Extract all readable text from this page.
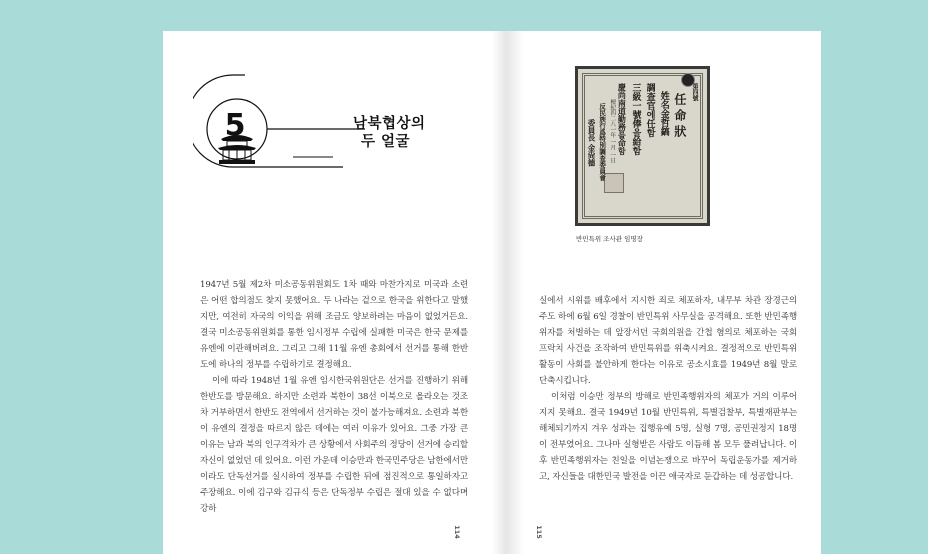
5	남북협상의
두 얼굴

1947년 5월 제2차 미소공동위원회도 1차 때와 마찬가지로 미국과 소련은 어떤 합의점도 찾지 못했어요. 두 나라는 겉으로 한국을 위한다고 말했지만, 여전히 자국의 이익을 위해 조금도 양보하려는 마음이 없었거든요. 결국 미소공동위원회를 통한 임시정부 수립에 실패한 미국은 한국 문제를 유엔에 이관해버려요. 그리고 그해 11월 유엔 총회에서 선거를 통해 한반도에 하나의 정부를 수립하기로 결정해요.

이에 따라 1948년 1월 유엔 임시한국위원단은 선거를 진행하기 위해 한반도를 방문해요. 하지만 소련과 북한이 38선 이북으로 올라오는 것조차 거부하면서 한반도 전역에서 선거하는 것이 불가능해져요. 소련과 북한이 유엔의 결정을 따르지 않은 데에는 여러 이유가 있어요. 그중 가장 큰 이유는 남과 북의 인구격차가 큰 상황에서 사회주의 정당이 선거에 승리할 자신이 없었던 데 있어요. 이런 가운데 이승만과 한국민주당은 남한에서만이라도 단독선거를 실시하여 정부를 수립한 뒤에 점진적으로 통일하자고 주장해요. 이에 김구와 김규식 등은 단독정부 수립은 절대 있을 수 없다며 강하

114

실에서 시위를 배후에서 지시한 죄로 체포하자, 내무부 차관 장경근의 주도 하에 6월 6일 경찰이 반민특위 사무실을 공격해요. 또한 반민족행위자를 처벌하는 데 앞장서던 국회의원을 간첩 혐의로 체포하는 국회 프락치 사건을 조작하여 반민특위를 위축시켜요. 결정적으로 반민특위 활동이 사회를 불안하게 한다는 이유로 공소시효를 1949년 8월 말로 단축시킵니다.

이처럼 이승만 정부의 방해로 반민족행위자의 체포가 거의 이루어지지 못해요. 결국 1949년 10월 반민특위, 특별검찰부, 특별재판부는 해체되기까지 겨우 성과는 집행유예 5명, 실형 7명, 공민권정지 18명이 전부였어요. 그나마 실형받은 사람도 이듬해 봄 모두 풀려납니다. 이후 반민족행위자는 친일을 이념논쟁으로 바꾸어 독립운동가를 제거하고, 자신들을 대한민국 발전을 이끈 애국자로 둔갑하는 데 성공합니다.

115
第四號
任命狀
姓名金哲鎬
調查官에任함
三級一號俸을給함
慶尚南道勤務를命함
檀紀四二八一年 一月 一日
反民族行爲特別調查委員會
委員長 金尙德
반민특위 조사관 임명장
